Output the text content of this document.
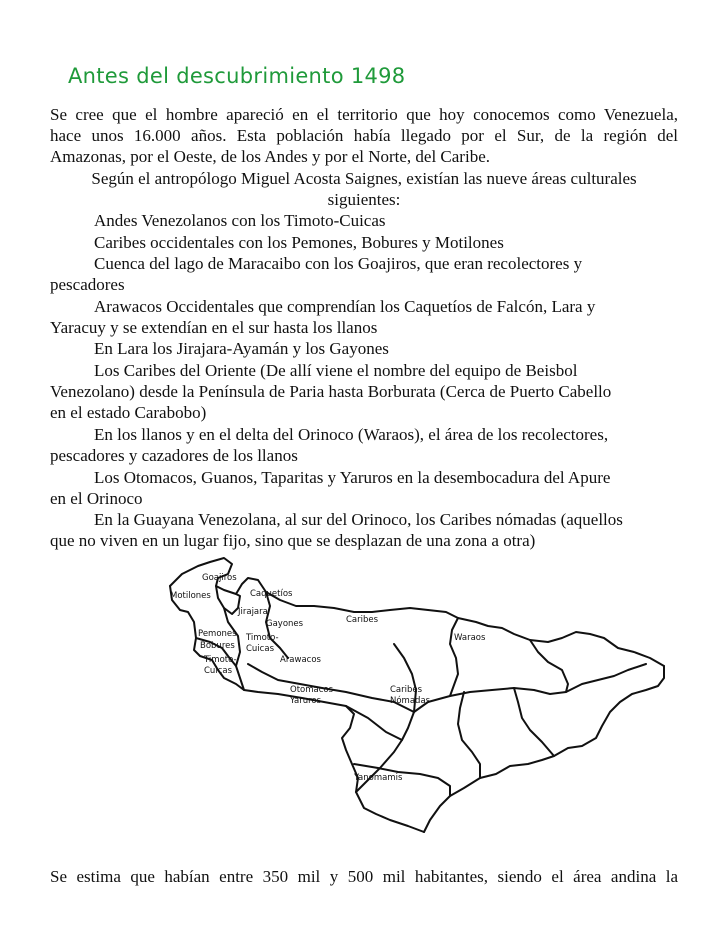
Antes del descubrimiento 1498
Se cree que el hombre apareció en el territorio que hoy conocemos como Venezuela,
hace unos 16.000 años. Esta población había llegado por el Sur, de la región del
Amazonas, por el Oeste, de los Andes y por el Norte, del Caribe.
Según el antropólogo Miguel Acosta Saignes, existían las nueve áreas culturales
siguientes:
Andes Venezolanos con los Timoto-Cuicas
Caribes occidentales con los Pemones, Bobures y Motilones
Cuenca del lago de Maracaibo con los Goajiros, que eran recolectores y
pescadores
Arawacos Occidentales que comprendían los Caquetíos de Falcón, Lara y
Yaracuy y se extendían en el sur hasta los llanos
En Lara los Jirajara-Ayamán y los Gayones
Los Caribes del Oriente (De allí viene el nombre del equipo de Beisbol
Venezolano) desde la Península de Paria hasta Borburata (Cerca de Puerto Cabello
en el estado Carabobo)
En los llanos y en el delta del Orinoco (Waraos), el área de los recolectores,
pescadores y cazadores de los llanos
Los Otomacos, Guanos, Taparitas y Yaruros en la desembocadura del Apure
en el Orinoco
En la Guayana Venezolana, al sur del Orinoco, los Caribes nómadas (aquellos
que no viven en un lugar fijo, sino que se desplazan de una zona a otra)
Goajiros
Motilones	Caquetíos
Jirajara
Gayones	Caribes
Waraos
Pemones Timoto-
Cuicas
Bobures
Timoto-
Cuicas
Arawacos
Otomacos
Yaruros
Caribes
Nómadas
Yanomamis
Se estima que habían entre 350 mil y 500 mil habitantes, siendo el área andina la
